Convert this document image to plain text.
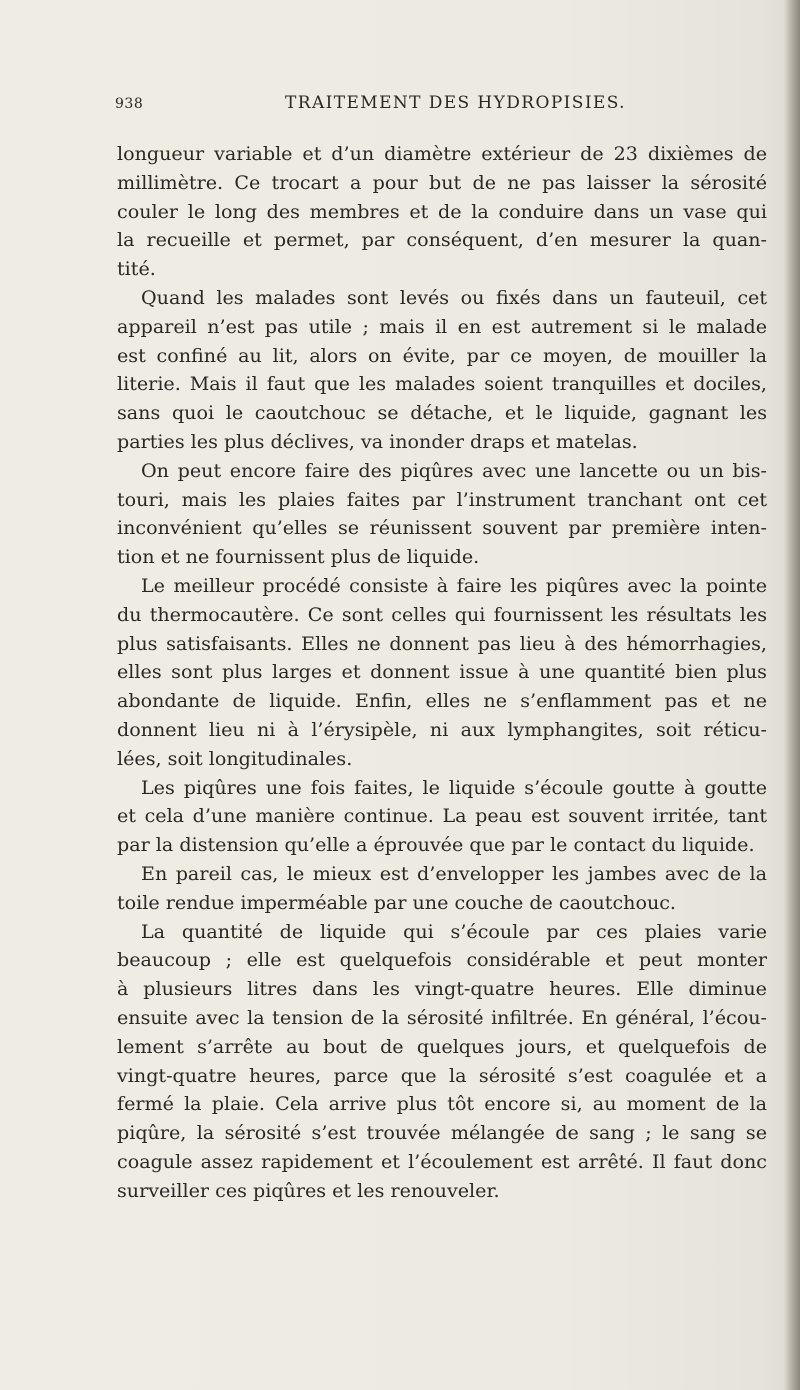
938	TRAITEMENT DES HYDROPISIES.
longueur variable et d’un diamètre extérieur de 23 dixièmes de
millimètre. Ce trocart a pour but de ne pas laisser la sérosité
couler le long des membres et de la conduire dans un vase qui
la recueille et permet, par conséquent, d’en mesurer la quan-
tité.
Quand les malades sont levés ou fixés dans un fauteuil, cet
appareil n’est pas utile ; mais il en est autrement si le malade
est confiné au lit, alors on évite, par ce moyen, de mouiller la
literie. Mais il faut que les malades soient tranquilles et dociles,
sans quoi le caoutchouc se détache, et le liquide, gagnant les
parties les plus déclives, va inonder draps et matelas.
On peut encore faire des piqûres avec une lancette ou un bis-
touri, mais les plaies faites par l’instrument tranchant ont cet
inconvénient qu’elles se réunissent souvent par première inten-
tion et ne fournissent plus de liquide.
Le meilleur procédé consiste à faire les piqûres avec la pointe
du thermocautère. Ce sont celles qui fournissent les résultats les
plus satisfaisants. Elles ne donnent pas lieu à des hémorrhagies,
elles sont plus larges et donnent issue à une quantité bien plus
abondante de liquide. Enfin, elles ne s’enflamment pas et ne
donnent lieu ni à l’érysipèle, ni aux lymphangites, soit réticu-
lées, soit longitudinales.
Les piqûres une fois faites, le liquide s’écoule goutte à goutte
et cela d’une manière continue. La peau est souvent irritée, tant
par la distension qu’elle a éprouvée que par le contact du liquide.
En pareil cas, le mieux est d’envelopper les jambes avec de la
toile rendue imperméable par une couche de caoutchouc.
La quantité de liquide qui s’écoule par ces plaies varie
beaucoup ; elle est quelquefois considérable et peut monter
à plusieurs litres dans les vingt-quatre heures. Elle diminue
ensuite avec la tension de la sérosité infiltrée. En général, l’écou-
lement s’arrête au bout de quelques jours, et quelquefois de
vingt-quatre heures, parce que la sérosité s’est coagulée et a
fermé la plaie. Cela arrive plus tôt encore si, au moment de la
piqûre, la sérosité s’est trouvée mélangée de sang ; le sang se
coagule assez rapidement et l’écoulement est arrêté. Il faut donc
surveiller ces piqûres et les renouveler.
